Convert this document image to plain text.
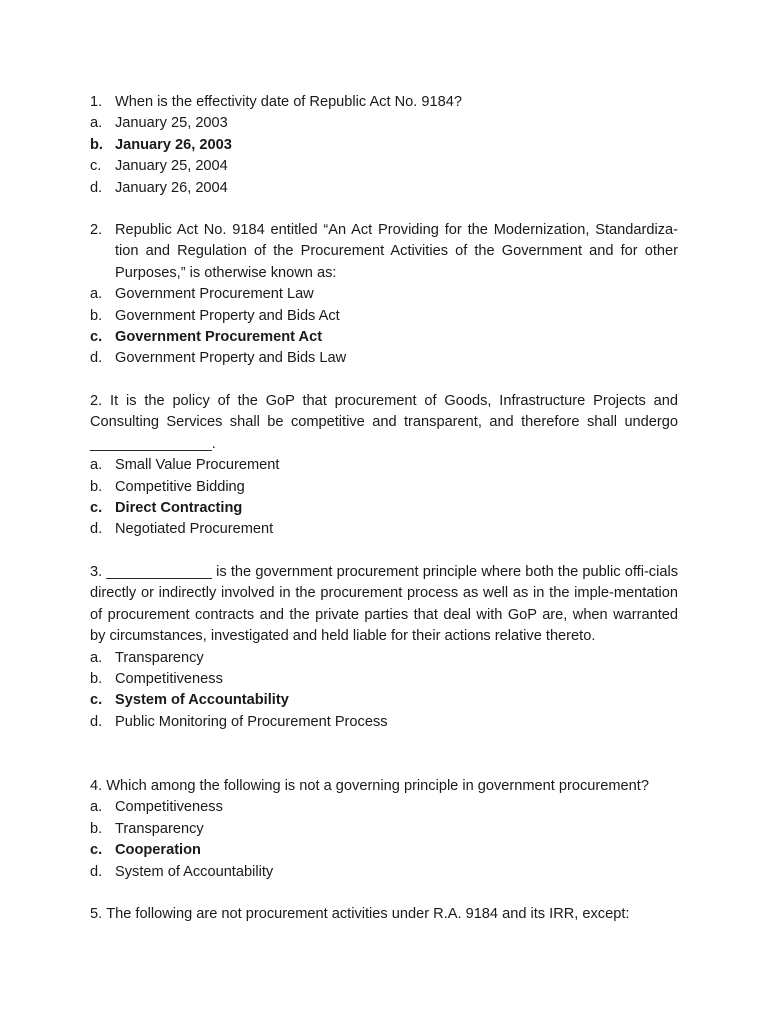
1. When is the effectivity date of Republic Act No. 9184?
a. January 25, 2003
b. January 26, 2003
c. January 25, 2004
d. January 26, 2004
2. Republic Act No. 9184 entitled “An Act Providing for the Modernization, Standardiza-tion and Regulation of the Procurement Activities of the Government and for other Purposes,” is otherwise known as:
a. Government Procurement Law
b. Government Property and Bids Act
c. Government Procurement Act
d. Government Property and Bids Law
2. It is the policy of the GoP that procurement of Goods, Infrastructure Projects and Consulting Services shall be competitive and transparent, and therefore shall undergo _______________.
a. Small Value Procurement
b. Competitive Bidding
c. Direct Contracting
d. Negotiated Procurement
3. _____________ is the government procurement principle where both the public offi-cials directly or indirectly involved in the procurement process as well as in the imple-mentation of procurement contracts and the private parties that deal with GoP are, when warranted by circumstances, investigated and held liable for their actions relative thereto.
a. Transparency
b. Competitiveness
c. System of Accountability
d. Public Monitoring of Procurement Process
4.
Which among the following is not a governing principle in government procurement?
a. Competitiveness
b. Transparency
c. Cooperation
d. System of Accountability
5.
The following are not procurement activities under R.A. 9184 and its IRR, except:
